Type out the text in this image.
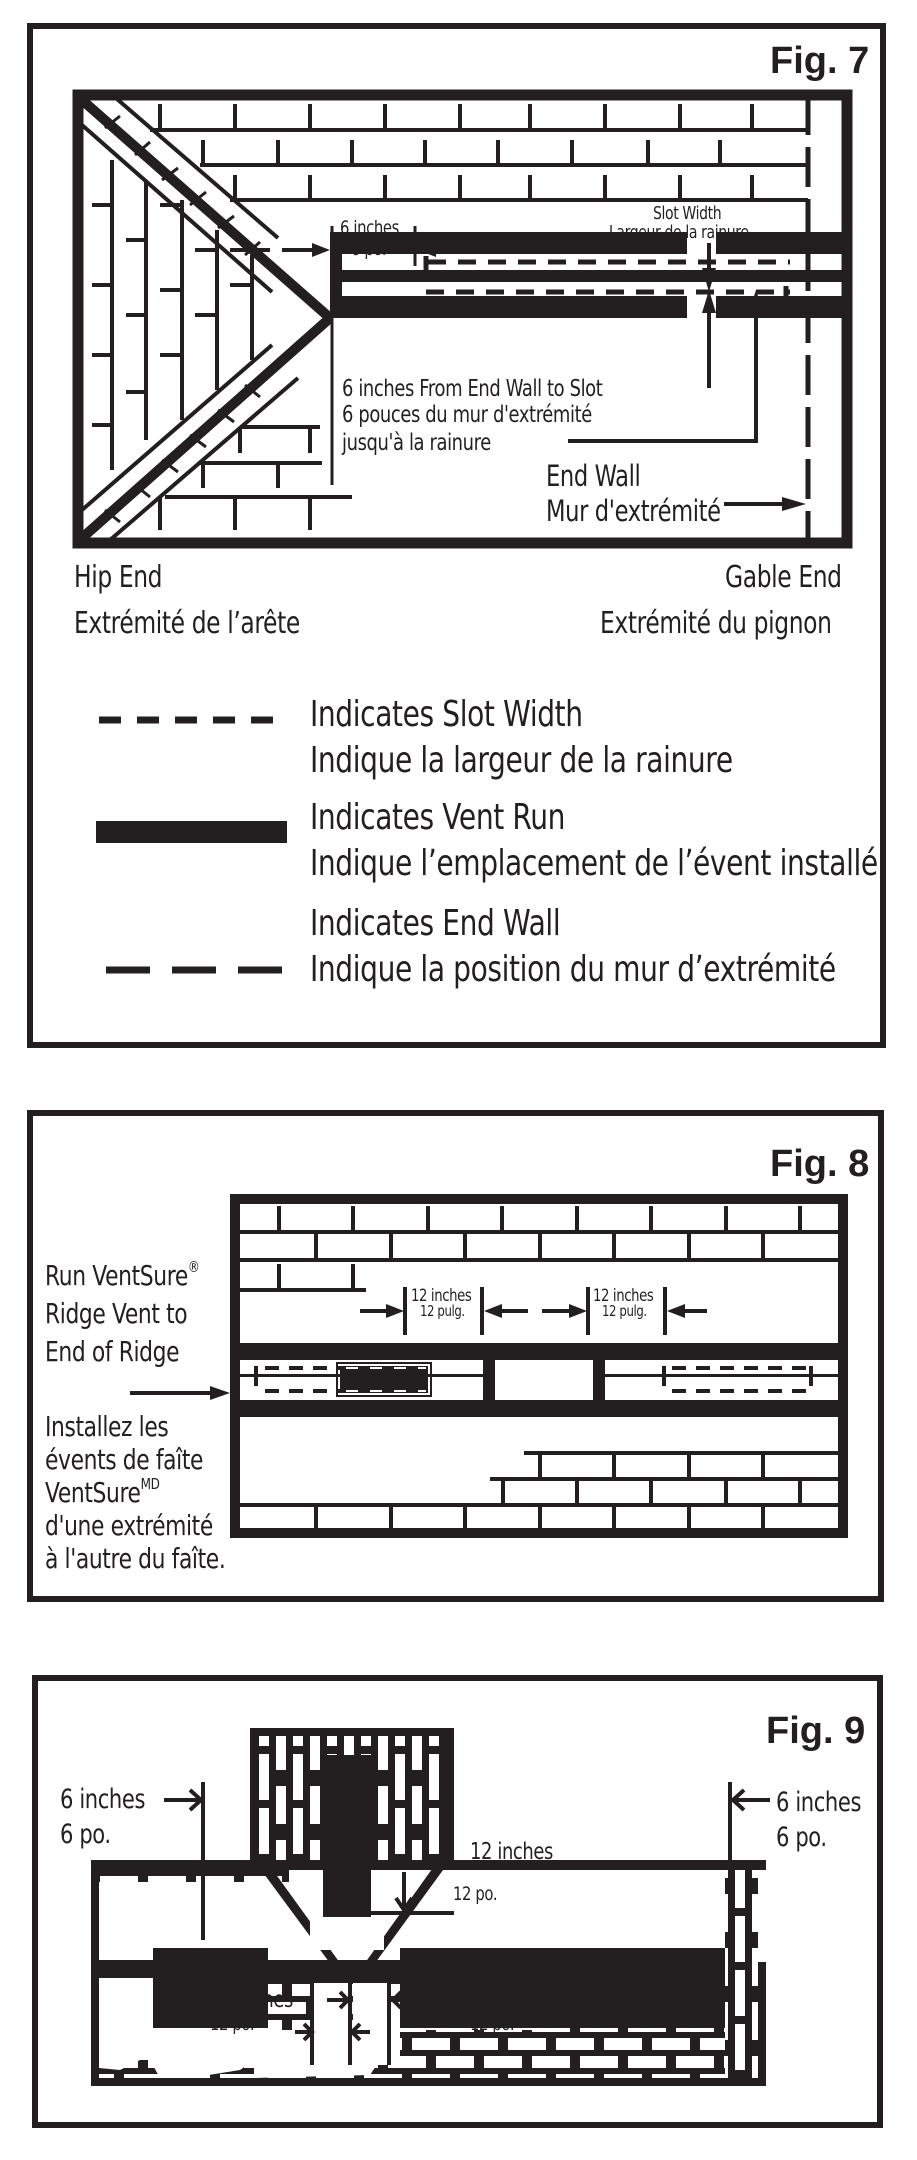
Fig. 7
6 inches
6 po.
Slot Width
Largeur de la rainure
6 inches From End Wall to Slot
6 pouces du mur d'extrémité
jusqu'à la rainure
End Wall
Mur d'extrémité
Hip End
Extrémité de l’arête
Gable End
Extrémité du pignon
Indicates Slot Width
Indique la largeur de la rainure
Indicates Vent Run
Indique l’emplacement de l’évent installé
Indicates End Wall
Indique la position du mur d’extrémité
Fig. 8
12 inches
12 pulg.
12 inches
12 pulg.
Run VentSure®
Ridge Vent to
End of Ridge
Installez les
évents de faîte
VentSure$^{MD}$
d'une extrémité
à l'autre du faîte.
Fig. 9
6 inches
6 po.
6 inches
6 po.
12 inches
12 po.
12 inches
12 po.
12 inches
12 po.
